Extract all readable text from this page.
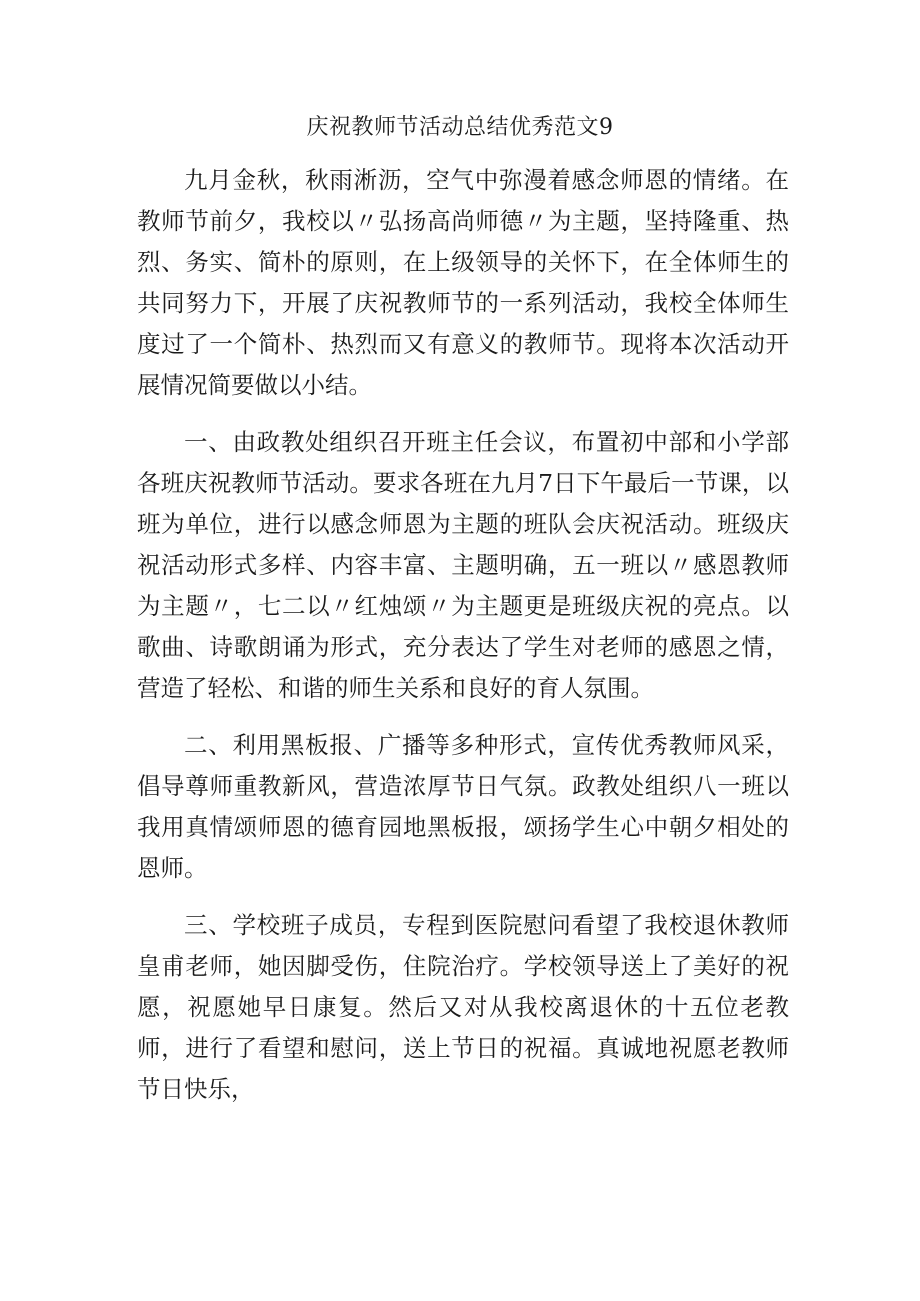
庆祝教师节活动总结优秀范文9

九月金秋，秋雨淅沥，空气中弥漫着感念师恩的情绪。在教师节前夕，我校以〃弘扬高尚师德〃为主题，坚持隆重、热烈、务实、简朴的原则，在上级领导的关怀下，在全体师生的共同努力下，开展了庆祝教师节的一系列活动，我校全体师生度过了一个简朴、热烈而又有意义的教师节。现将本次活动开展情况简要做以小结。

一、由政教处组织召开班主任会议，布置初中部和小学部各班庆祝教师节活动。要求各班在九月7日下午最后一节课，以班为单位，进行以感念师恩为主题的班队会庆祝活动。班级庆祝活动形式多样、内容丰富、主题明确，五一班以〃感恩教师为主题〃，七二以〃红烛颂〃为主题更是班级庆祝的亮点。以歌曲、诗歌朗诵为形式，充分表达了学生对老师的感恩之情，营造了轻松、和谐的师生关系和良好的育人氛围。

二、利用黑板报、广播等多种形式，宣传优秀教师风采，倡导尊师重教新风，营造浓厚节日气氛。政教处组织八一班以我用真情颂师恩的德育园地黑板报，颂扬学生心中朝夕相处的恩师。

三、学校班子成员，专程到医院慰问看望了我校退休教师皇甫老师，她因脚受伤，住院治疗。学校领导送上了美好的祝愿，祝愿她早日康复。然后又对从我校离退休的十五位老教师，进行了看望和慰问，送上节日的祝福。真诚地祝愿老教师节日快乐，
